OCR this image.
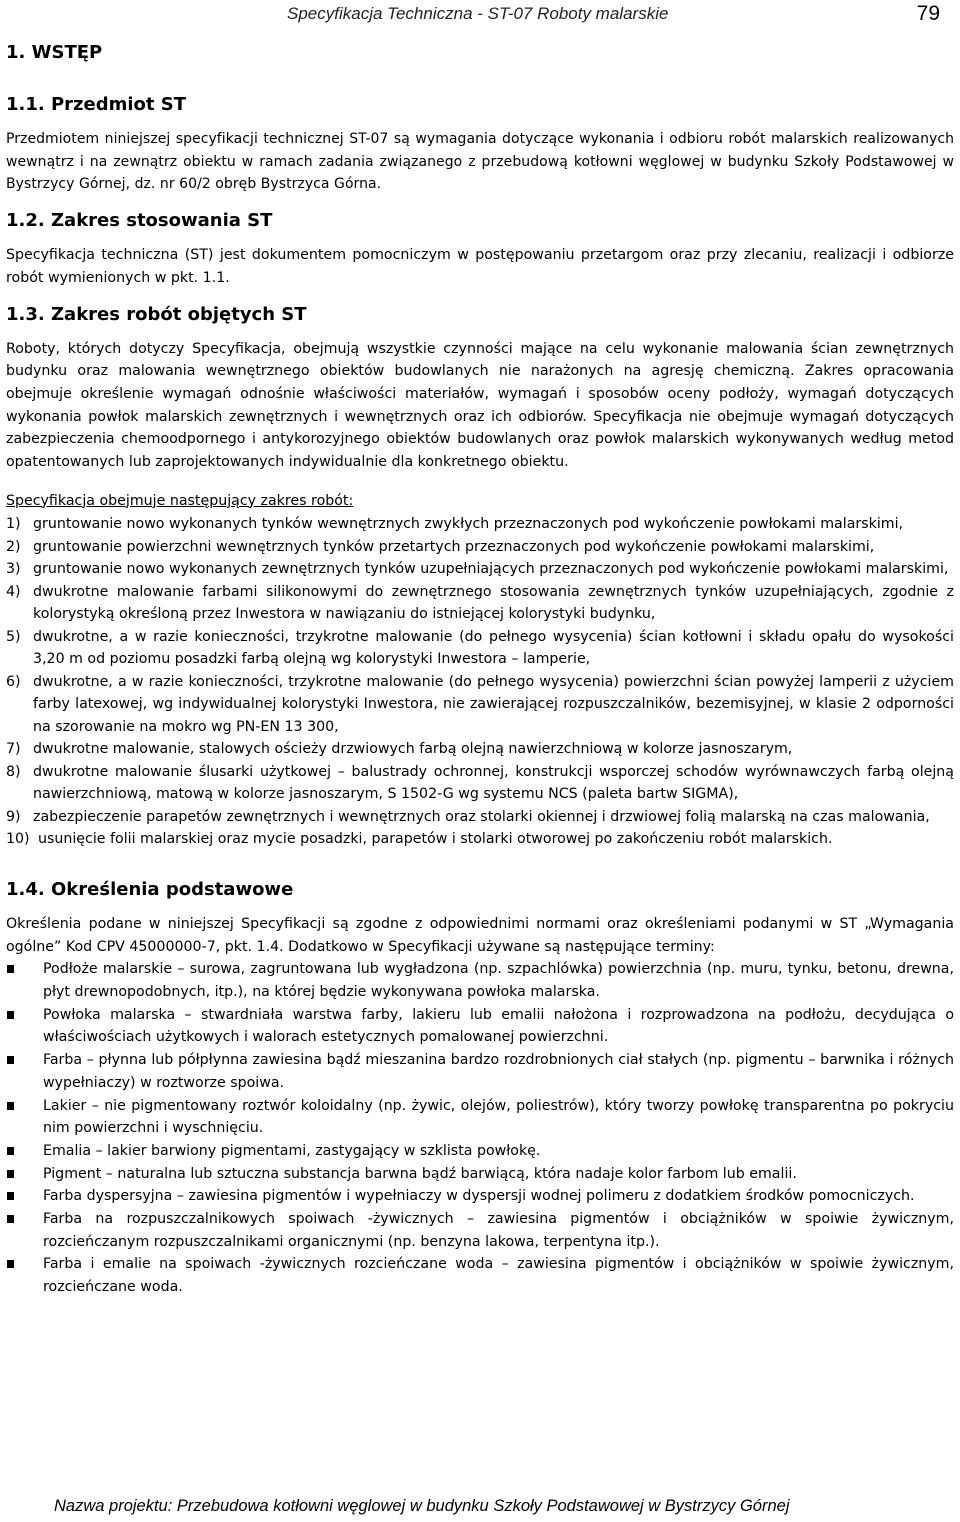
Specyfikacja Techniczna - ST-07 Roboty malarskie	79
1. WSTĘP
1.1. Przedmiot ST

Przedmiotem niniejszej specyfikacji technicznej ST-07 są wymagania dotyczące wykonania i odbioru robót malarskich realizowanych wewnątrz i na zewnątrz obiektu w ramach zadania związanego z przebudową kotłowni węglowej w budynku Szkoły Podstawowej w Bystrzycy Górnej, dz. nr 60/2 obręb Bystrzyca Górna.

1.2. Zakres stosowania ST

Specyfikacja techniczna (ST) jest dokumentem pomocniczym w postępowaniu przetargom oraz przy zlecaniu, realizacji i odbiorze robót wymienionych w pkt. 1.1.

1.3. Zakres robót objętych ST

Roboty, których dotyczy Specyfikacja, obejmują wszystkie czynności mające na celu wykonanie malowania ścian zewnętrznych budynku oraz malowania wewnętrznego obiektów budowlanych nie narażonych na agresję chemiczną. Zakres opracowania obejmuje określenie wymagań odnośnie właściwości materiałów, wymagań i sposobów oceny podłoży, wymagań dotyczących wykonania powłok malarskich zewnętrznych i wewnętrznych oraz ich odbiorów. Specyfikacja nie obejmuje wymagań dotyczących zabezpieczenia chemoodpornego i antykorozyjnego obiektów budowlanych oraz powłok malarskich wykonywanych według metod opatentowanych lub zaprojektowanych indywidualnie dla konkretnego obiektu.

Specyfikacja obejmuje następujący zakres robót:

1) gruntowanie nowo wykonanych tynków wewnętrznych zwykłych przeznaczonych pod wykończenie powłokami malarskimi,
2) gruntowanie powierzchni wewnętrznych tynków przetartych przeznaczonych pod wykończenie powłokami malarskimi,
3) gruntowanie nowo wykonanych zewnętrznych tynków uzupełniających przeznaczonych pod wykończenie powłokami malarskimi,
4) dwukrotne malowanie farbami silikonowymi do zewnętrznego stosowania zewnętrznych tynków uzupełniających, zgodnie z kolorystyką określoną przez Inwestora w nawiązaniu do istniejącej kolorystyki budynku,
5) dwukrotne, a w razie konieczności, trzykrotne malowanie (do pełnego wysycenia) ścian kotłowni i składu opału do wysokości 3,20 m od poziomu posadzki farbą olejną wg kolorystyki Inwestora – lamperie,
6) dwukrotne, a w razie konieczności, trzykrotne malowanie (do pełnego wysycenia) powierzchni ścian powyżej lamperii z użyciem farby latexowej, wg indywidualnej kolorystyki Inwestora, nie zawierającej rozpuszczalników, bezemisyjnej, w klasie 2 odporności na szorowanie na mokro wg PN-EN 13 300,
7) dwukrotne malowanie, stalowych ościeży drzwiowych farbą olejną nawierzchniową w kolorze jasnoszarym,
8) dwukrotne malowanie ślusarki użytkowej – balustrady ochronnej, konstrukcji wsporczej schodów wyrównawczych farbą olejną nawierzchniową, matową w kolorze jasnoszarym, S 1502-G wg systemu NCS (paleta bartw SIGMA),
9) zabezpieczenie parapetów zewnętrznych i wewnętrznych oraz stolarki okiennej i drzwiowej folią malarską na czas malowania,
10) usunięcie folii malarskiej oraz mycie posadzki, parapetów i stolarki otworowej po zakończeniu robót malarskich.
1.4. Określenia podstawowe

Określenia podane w niniejszej Specyfikacji są zgodne z odpowiednimi normami oraz określeniami podanymi w ST „Wymagania ogólne” Kod CPV 45000000-7, pkt. 1.4. Dodatkowo w Specyfikacji używane są następujące terminy:

Podłoże malarskie – surowa, zagruntowana lub wygładzona (np. szpachlówka) powierzchnia (np. muru, tynku, betonu, drewna, płyt drewnopodobnych, itp.), na której będzie wykonywana powłoka malarska.
Powłoka malarska – stwardniała warstwa farby, lakieru lub emalii nałożona i rozprowadzona na podłożu, decydująca o właściwościach użytkowych i walorach estetycznych pomalowanej powierzchni.
Farba – płynna lub półpłynna zawiesina bądź mieszanina bardzo rozdrobnionych ciał stałych (np. pigmentu – barwnika i różnych wypełniaczy) w roztworze spoiwa.
Lakier – nie pigmentowany roztwór koloidalny (np. żywic, olejów, poliestrów), który tworzy powłokę transparentna po pokryciu nim powierzchni i wyschnięciu.
Emalia – lakier barwiony pigmentami, zastygający w szklista powłokę.
Pigment – naturalna lub sztuczna substancja barwna bądź barwiącą, która nadaje kolor farbom lub emalii.
Farba dyspersyjna – zawiesina pigmentów i wypełniaczy w dyspersji wodnej polimeru z dodatkiem środków pomocniczych.
Farba na rozpuszczalnikowych spoiwach -żywicznych – zawiesina pigmentów i obciążników w spoiwie żywicznym, rozcieńczanym rozpuszczalnikami organicznymi (np. benzyna lakowa, terpentyna itp.).
Farba i emalie na spoiwach -żywicznych rozcieńczane woda – zawiesina pigmentów i obciążników w spoiwie żywicznym, rozcieńczane woda.
Nazwa projektu: Przebudowa kotłowni węglowej w budynku Szkoły Podstawowej w Bystrzycy Górnej
